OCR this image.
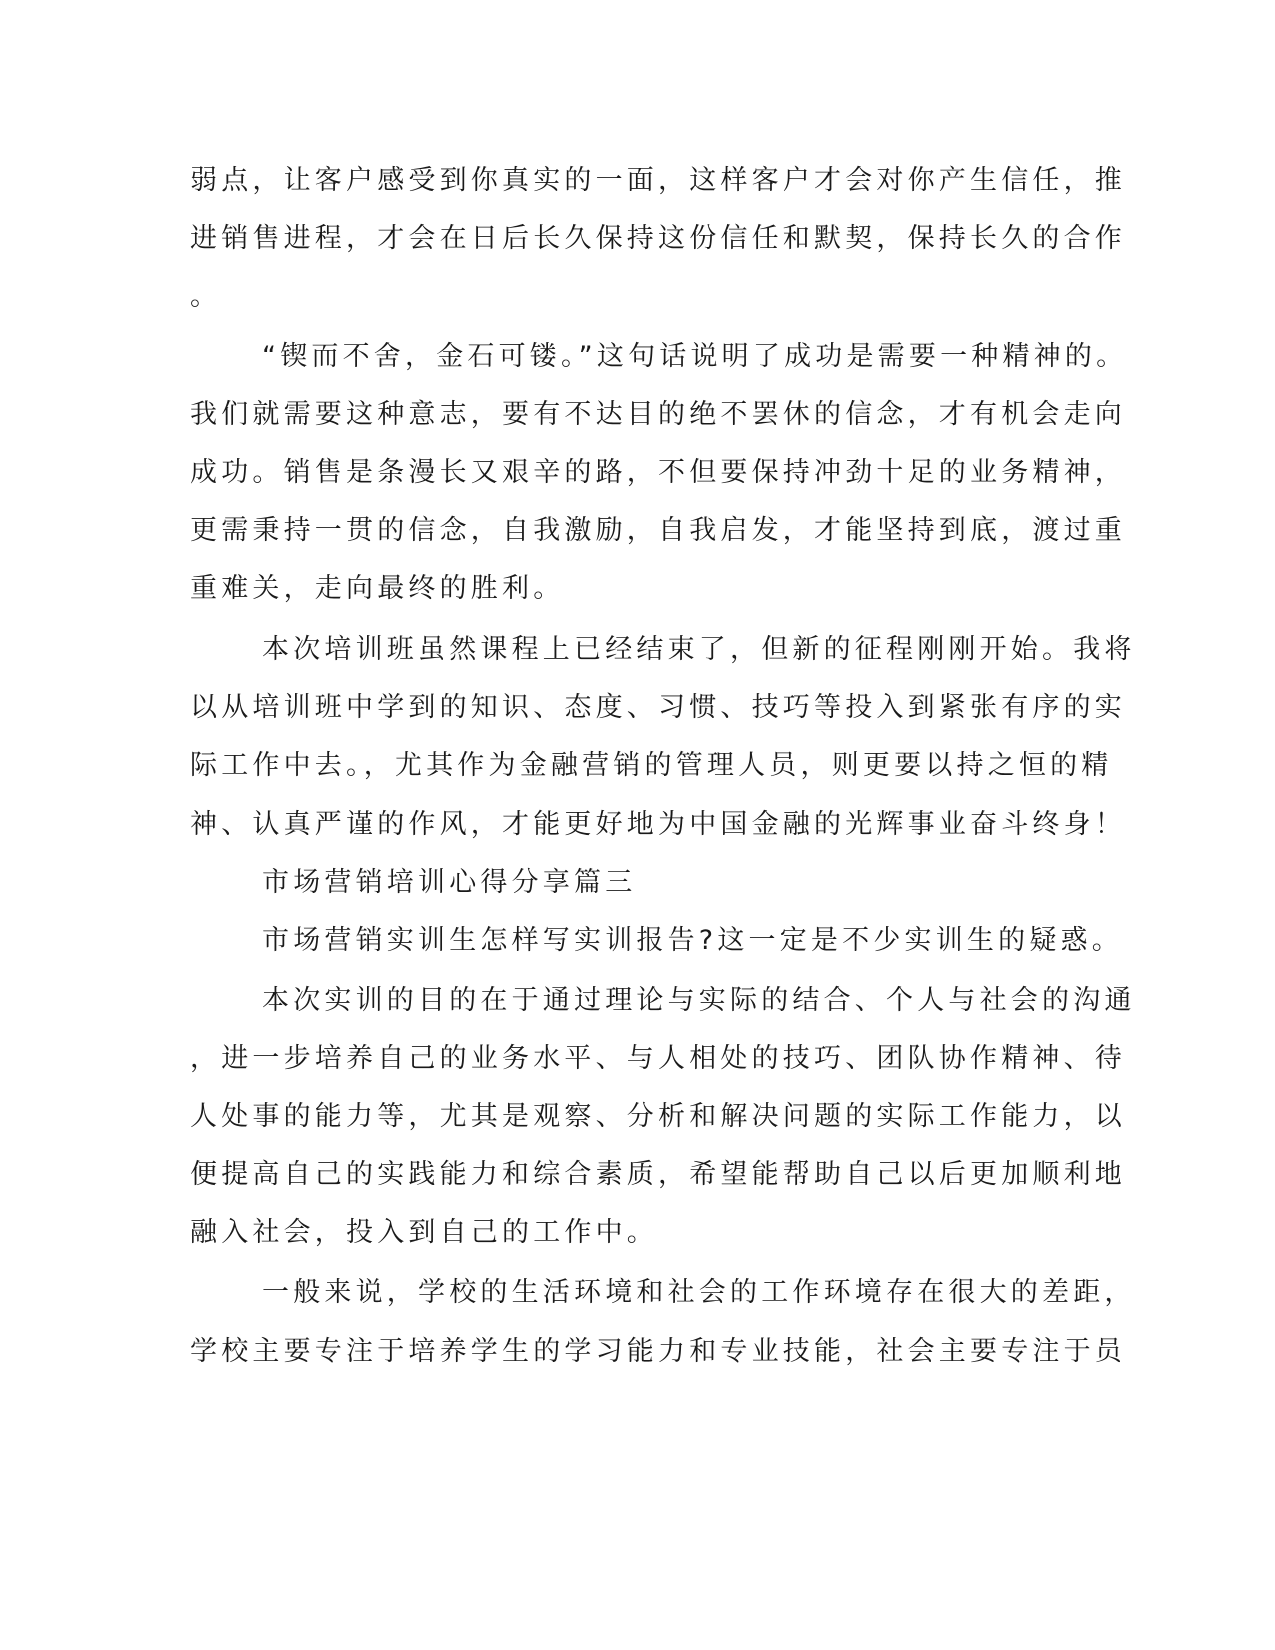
弱点，让客户感受到你真实的一面，这样客户才会对你产生信任，推
进销售进程，才会在日后长久保持这份信任和默契，保持长久的合作
。
“锲而不舍，金石可镂。”这句话说明了成功是需要一种精神的。
我们就需要这种意志，要有不达目的绝不罢休的信念，才有机会走向
成功。销售是条漫长又艰辛的路，不但要保持冲劲十足的业务精神，
更需秉持一贯的信念，自我激励，自我启发，才能坚持到底，渡过重
重难关，走向最终的胜利。
本次培训班虽然课程上已经结束了，但新的征程刚刚开始。我将
以从培训班中学到的知识、态度、习惯、技巧等投入到紧张有序的实
际工作中去。，尤其作为金融营销的管理人员，则更要以持之恒的精
神、认真严谨的作风，才能更好地为中国金融的光辉事业奋斗终身！
市场营销培训心得分享篇三
市场营销实训生怎样写实训报告?这一定是不少实训生的疑惑。
本次实训的目的在于通过理论与实际的结合、个人与社会的沟通
，进一步培养自己的业务水平、与人相处的技巧、团队协作精神、待
人处事的能力等，尤其是观察、分析和解决问题的实际工作能力，以
便提高自己的实践能力和综合素质，希望能帮助自己以后更加顺利地
融入社会，投入到自己的工作中。
一般来说，学校的生活环境和社会的工作环境存在很大的差距，
学校主要专注于培养学生的学习能力和专业技能，社会主要专注于员
